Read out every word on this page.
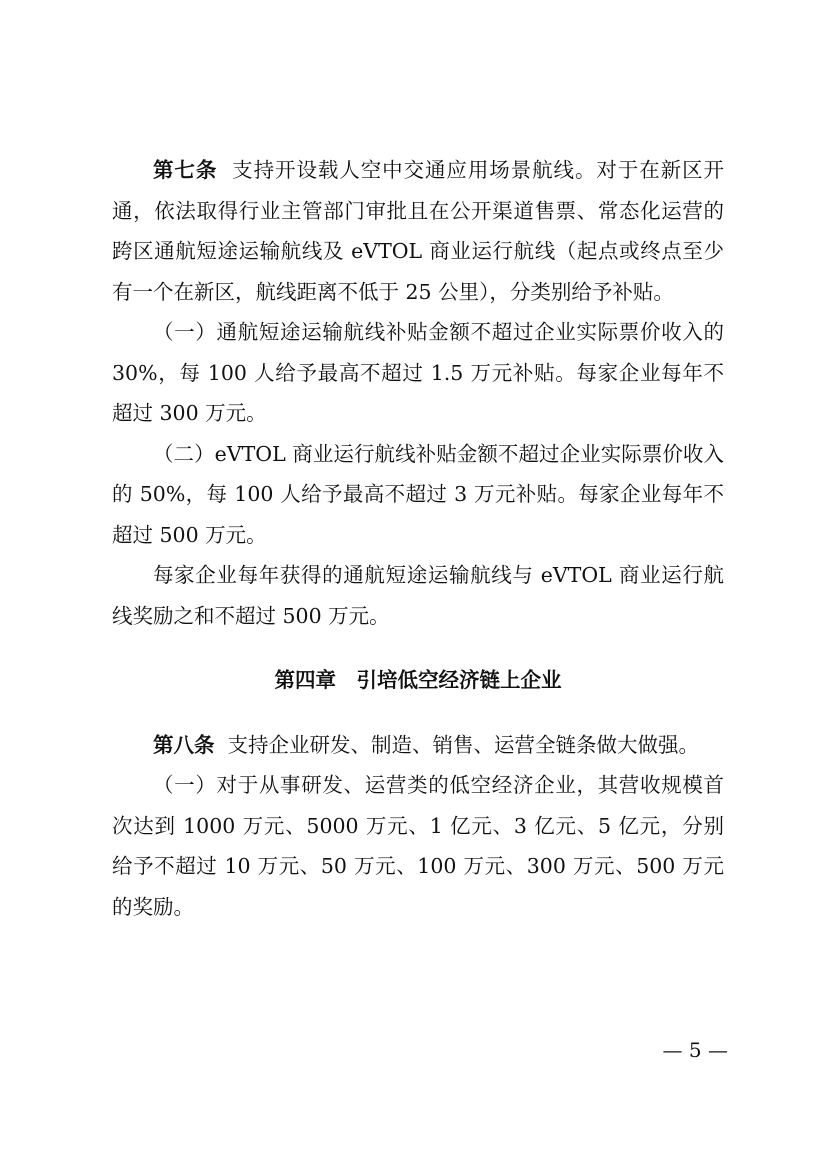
第七条 支持开设载人空中交通应用场景航线。对于在新区开通，依法取得行业主管部门审批且在公开渠道售票、常态化运营的跨区通航短途运输航线及 eVTOL 商业运行航线（起点或终点至少有一个在新区，航线距离不低于 25 公里），分类别给予补贴。

（一）通航短途运输航线补贴金额不超过企业实际票价收入的 30%，每 100 人给予最高不超过 1.5 万元补贴。每家企业每年不超过 300 万元。

（二）eVTOL 商业运行航线补贴金额不超过企业实际票价收入的 50%，每 100 人给予最高不超过 3 万元补贴。每家企业每年不超过 500 万元。

每家企业每年获得的通航短途运输航线与 eVTOL 商业运行航线奖励之和不超过 500 万元。

第四章　引培低空经济链上企业

第八条 支持企业研发、制造、销售、运营全链条做大做强。

（一）对于从事研发、运营类的低空经济企业，其营收规模首次达到 1000 万元、5000 万元、1 亿元、3 亿元、5 亿元，分别给予不超过 10 万元、50 万元、100 万元、300 万元、500 万元的奖励。

— 5 —
